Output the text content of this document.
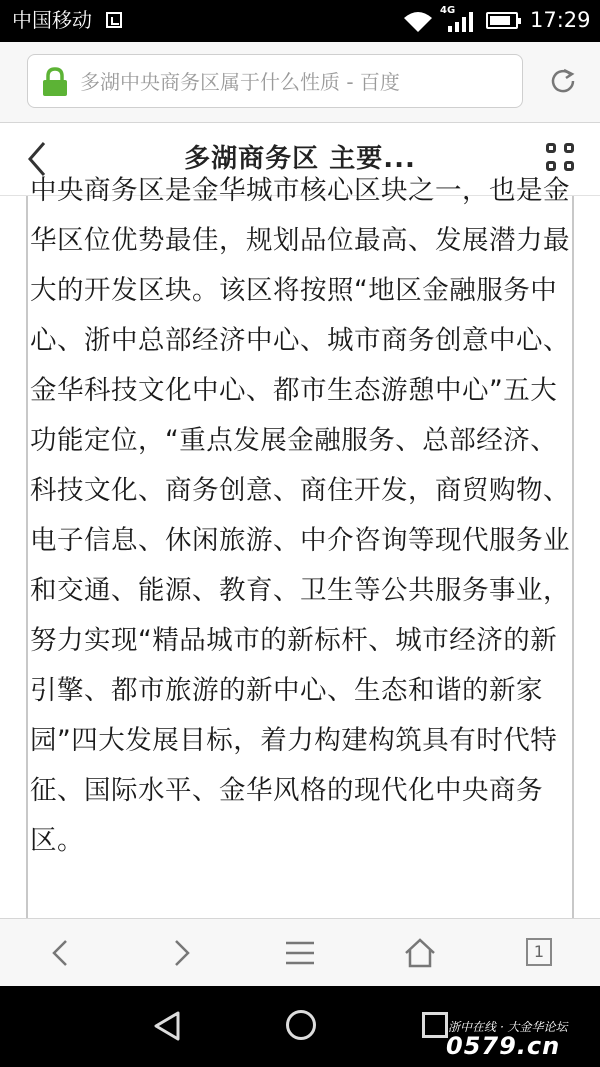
中国移动	4G	17:29
多湖中央商务区属于什么性质 - 百度
多湖商务区 主要...

中央商务区是金华城市核心区块之一，也是金华区位优势最佳，规划品位最高、发展潜力最大的开发区块。该区将按照“地区金融服务中心、浙中总部经济中心、城市商务创意中心、金华科技文化中心、都市生态游憩中心”五大功能定位，“重点发展金融服务、总部经济、科技文化、商务创意、商住开发，商贸购物、电子信息、休闲旅游、中介咨询等现代服务业和交通、能源、教育、卫生等公共服务事业，努力实现“精品城市的新标杆、城市经济的新引擎、都市旅游的新中心、生态和谐的新家园”四大发展目标，着力构建构筑具有时代特征、国际水平、金华风格的现代化中央商务区。

1
浙中在线 · 大金华论坛
0579.cn
